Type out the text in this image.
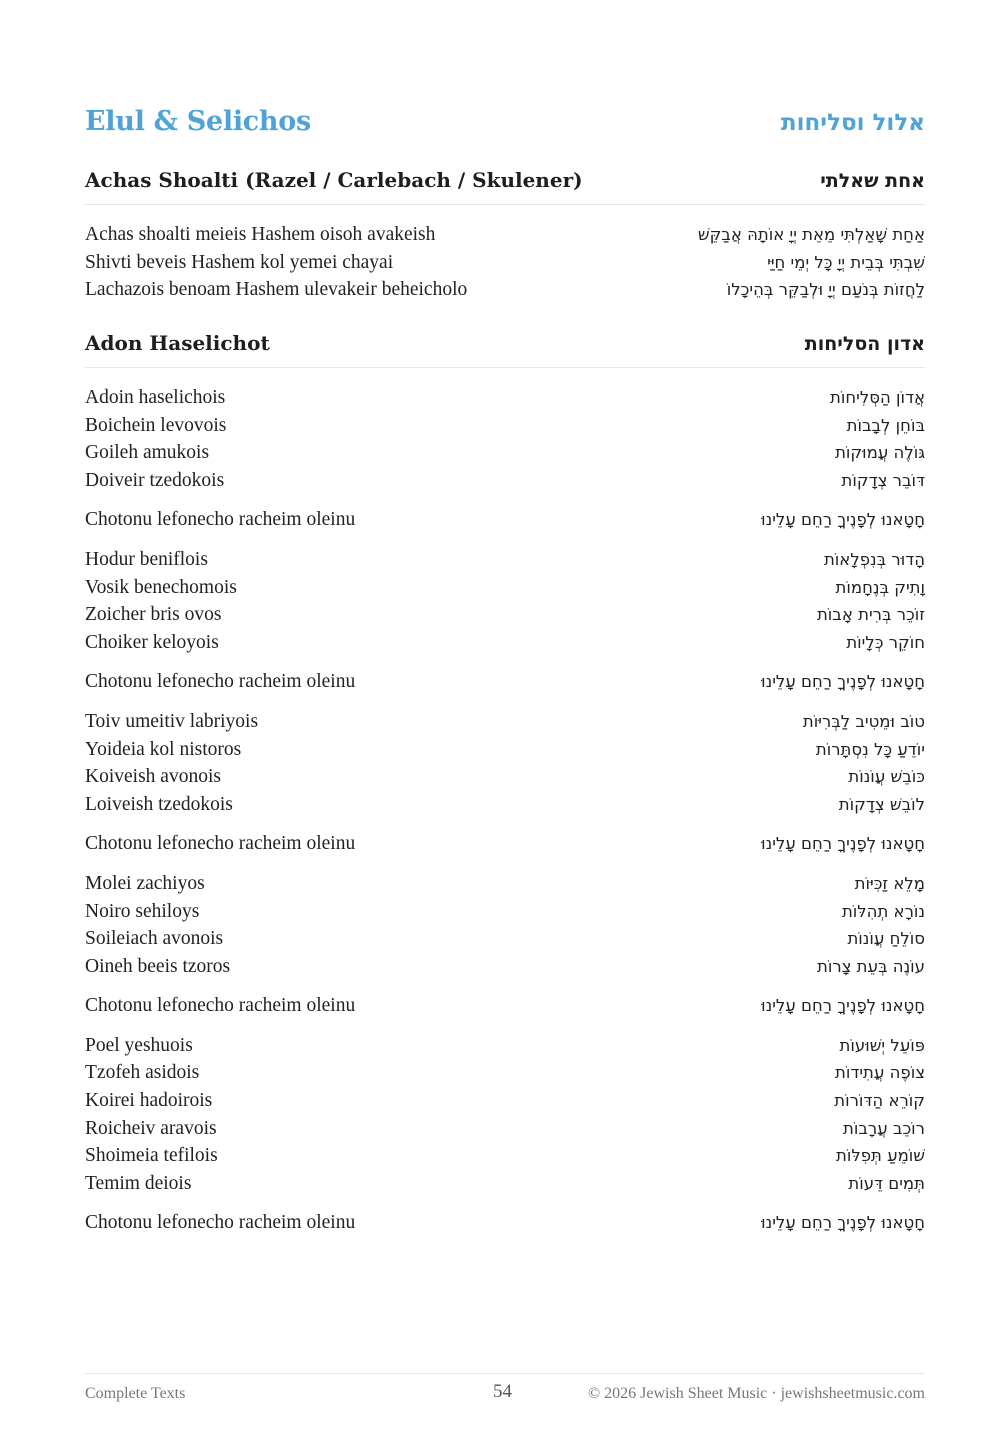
Elul & Selichos	אלול וסליחות
Achas Shoalti (Razel / Carlebach / Skulener)	אחת שאלתי
Achas shoalti meieis Hashem oisoh avakeish	אַחַת שָׁאַלְתִּי מֵאֵת יְיָ אוֹתָהּ אֲבַקֵּשׁ
Shivti beveis Hashem kol yemei chayai	שִׁבְתִּי בְּבֵית יְיָ כָּל יְמֵי חַיַּי
Lachazois benoam Hashem ulevakeir beheicholo	לַחֲזוֹת בְּנֹעַם יְיָ וּלְבַקֵּר בְּהֵיכָלוֹ
Adon Haselichot	אדון הסליחות
Adoin haselichois	אֲדוֹן הַסְּלִיחוֹת
Boichein levovois	בּוֹחֵן לְבָבוֹת
Goileh amukois	גּוֹלֶה עֲמוּקוֹת
Doiveir tzedokois	דּוֹבֵר צְדָקוֹת
Chotonu lefonecho racheim oleinu	חָטָאנוּ לְפָנֶיךָ רַחֵם עָלֵינוּ
Hodur beniflois	הָדוּר בְּנִפְלָאוֹת
Vosik benechomois	וָתִיק בְּנֶחָמוֹת
Zoicher bris ovos	זוֹכֵר בְּרִית אָבוֹת
Choiker keloyois	חוֹקֵר כְּלָיוֹת
Chotonu lefonecho racheim oleinu	חָטָאנוּ לְפָנֶיךָ רַחֵם עָלֵינוּ
Toiv umeitiv labriyois	טוֹב וּמֵטִיב לַבְּרִיּוֹת
Yoideia kol nistoros	יוֹדֵעַ כָּל נִסְתָּרוֹת
Koiveish avonois	כּוֹבֵשׁ עֲוֹנוֹת
Loiveish tzedokois	לוֹבֵשׁ צְדָקוֹת
Chotonu lefonecho racheim oleinu	חָטָאנוּ לְפָנֶיךָ רַחֵם עָלֵינוּ
Molei zachiyos	מָלֵא זַכִּיּוֹת
Noiro sehiloys	נוֹרָא תְהִלּוֹת
Soileiach avonois	סוֹלֵחַ עֲוֹנוֹת
Oineh beeis tzoros	עוֹנֶה בְּעֵת צָרוֹת
Chotonu lefonecho racheim oleinu	חָטָאנוּ לְפָנֶיךָ רַחֵם עָלֵינוּ
Poel yeshuois	פּוֹעֵל יְשׁוּעוֹת
Tzofeh asidois	צוֹפֶה עֲתִידוֹת
Koirei hadoirois	קוֹרֵא הַדּוֹרוֹת
Roicheiv aravois	רוֹכֵב עֲרָבוֹת
Shoimeia tefilois	שׁוֹמֵעַ תְּפִלּוֹת
Temim deiois	תְּמִים דֵּעוֹת
Chotonu lefonecho racheim oleinu	חָטָאנוּ לְפָנֶיךָ רַחֵם עָלֵינוּ
Complete Texts	54	© 2026 Jewish Sheet Music · jewishsheetmusic.com
